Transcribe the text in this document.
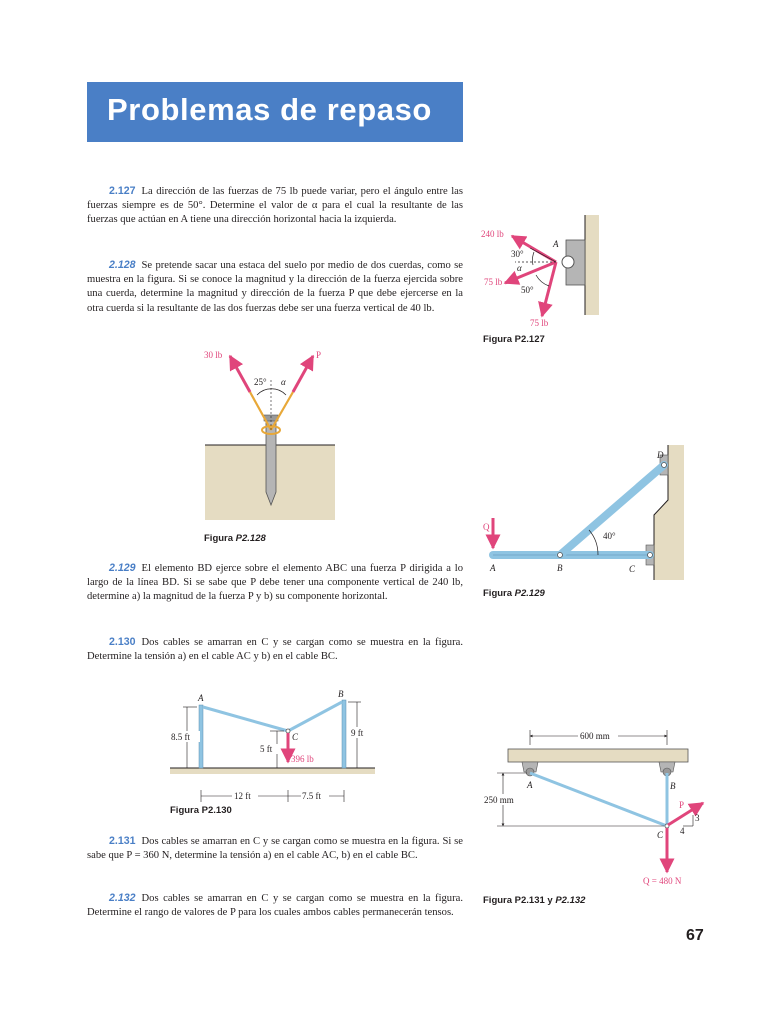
Problemas de repaso
2.127 La dirección de las fuerzas de 75 lb puede variar, pero el ángulo entre las fuerzas siempre es de 50°. Determine el valor de α para el cual la resultante de las fuerzas que actúan en A tiene una dirección horizontal hacia la izquierda.
2.128 Se pretende sacar una estaca del suelo por medio de dos cuerdas, como se muestra en la figura. Si se conoce la magnitud y la dirección de la fuerza ejercida sobre una cuerda, determine la magnitud y dirección de la fuerza P que debe ejercerse en la otra cuerda si la resultante de las dos fuerzas debe ser una fuerza vertical de 40 lb.
2.129 El elemento BD ejerce sobre el elemento ABC una fuerza P dirigida a lo largo de la línea BD. Si se sabe que P debe tener una componente vertical de 240 lb, determine a) la magnitud de la fuerza P y b) su componente horizontal.
2.130 Dos cables se amarran en C y se cargan como se muestra en la figura. Determine la tensión a) en el cable AC y b) en el cable BC.
2.131 Dos cables se amarran en C y se cargan como se muestra en la figura. Si se sabe que P = 360 N, determine la tensión a) en el cable AC, b) en el cable BC.
2.132 Dos cables se amarran en C y se cargan como se muestra en la figura. Determine el rango de valores de P para los cuales ambos cables permanecerán tensos.
240 lb
A
30°
α
75 lb
50°
75 lb
Figura P2.127
30 lb	P
25° α
Figura P2.128
Q
A	B	C
D
40°
Figura P2.129
A	B
C
8.5 ft	9 ft
5 ft
396 lb
12 ft	7.5 ft
Figura P2.130
600 mm
250 mm
A	B
C
P
3
4
Q = 480 N
Figura P2.131 y P2.132
67
